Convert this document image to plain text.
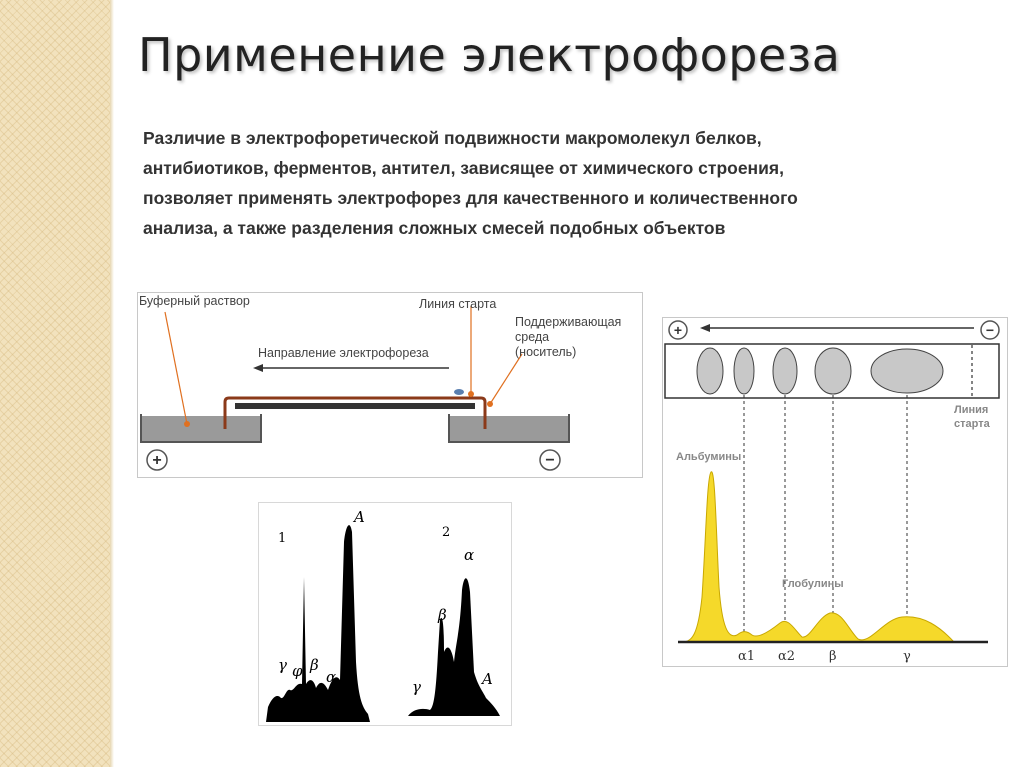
Применение электрофореза
Различие в электрофоретической подвижности макромолекул белков,
антибиотиков, ферментов, антител, зависящее от химического строения,
позволяет применять электрофорез для качественного и количественного
анализа, а также разделения сложных смесей подобных объектов
Буферный раствор	Линия старта
Поддерживающая
среда
(носитель)
Направление электрофореза
+	−
+	−
Линия
старта
Альбумины
Глобулины
α1 α2	β	γ
1
A
γ φ β
α
2
α
β
γ	A
